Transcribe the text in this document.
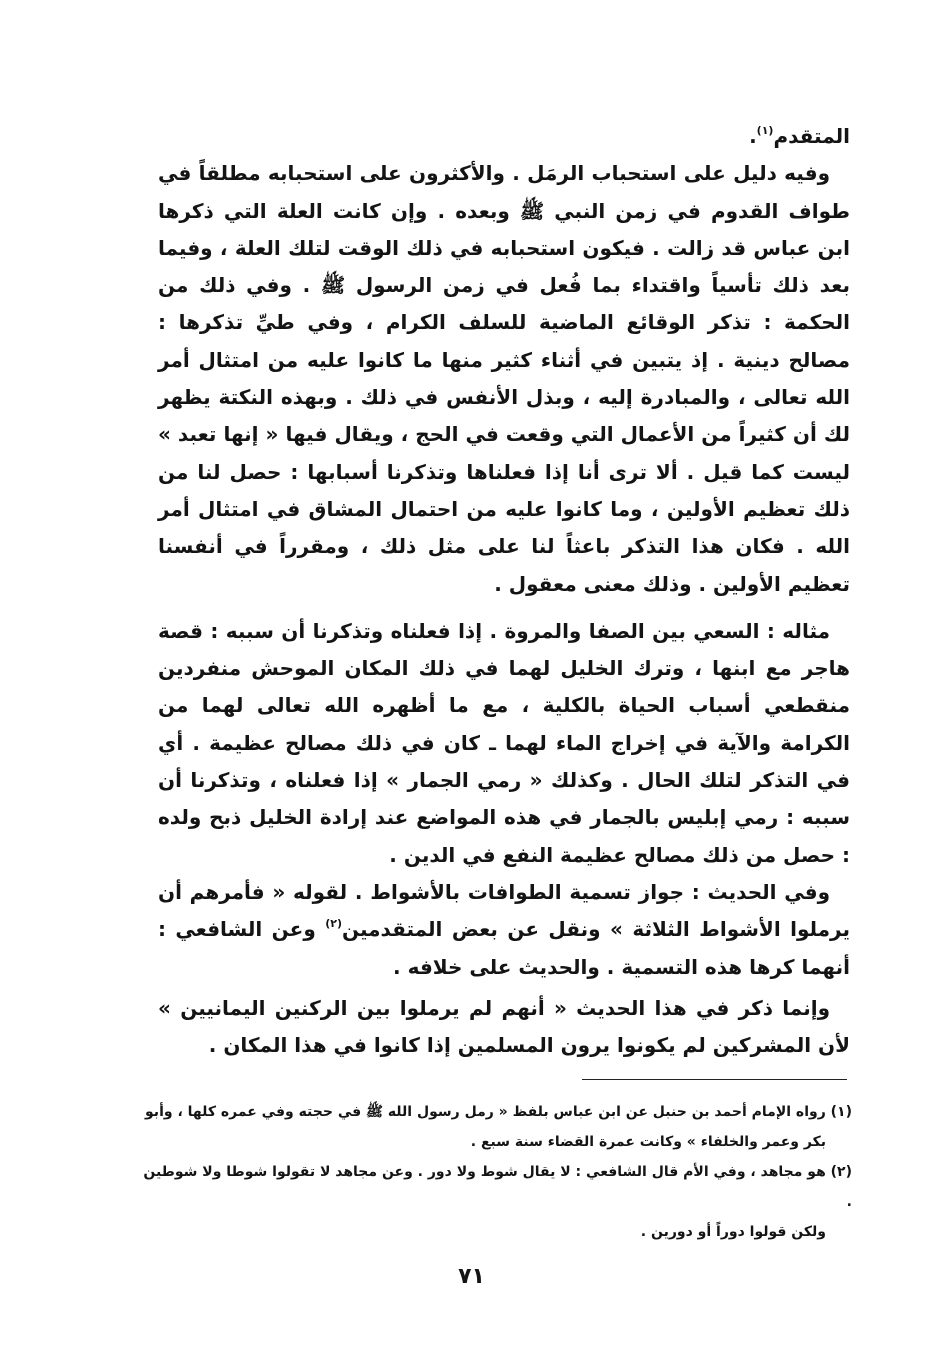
المتقدم$^{(١)}$.

وفيه دليل على استحباب الرمَل . والأكثرون على استحبابه مطلقاً في طواف القدوم في زمن النبي ﷺ وبعده . وإن كانت العلة التي ذكرها ابن عباس قد زالت . فيكون استحبابه في ذلك الوقت لتلك العلة ، وفيما بعد ذلك تأسياً واقتداء بما فُعل في زمن الرسول ﷺ . وفي ذلك من الحكمة : تذكر الوقائع الماضية للسلف الكرام ، وفي طيِّ تذكرها : مصالح دينية . إذ يتبين في أثناء كثير منها ما كانوا عليه من امتثال أمر الله تعالى ، والمبادرة إليه ، وبذل الأنفس في ذلك . وبهذه النكتة يظهر لك أن كثيراً من الأعمال التي وقعت في الحج ، ويقال فيها « إنها تعبد » ليست كما قيل . ألا ترى أنا إذا فعلناها وتذكرنا أسبابها : حصل لنا من ذلك تعظيم الأولين ، وما كانوا عليه من احتمال المشاق في امتثال أمر الله . فكان هذا التذكر باعثاً لنا على مثل ذلك ، ومقرراً في أنفسنا تعظيم الأولين . وذلك معنى معقول .

مثاله : السعي بين الصفا والمروة . إذا فعلناه وتذكرنا أن سببه : قصة هاجر مع ابنها ، وترك الخليل لهما في ذلك المكان الموحش منفردين منقطعي أسباب الحياة بالكلية ، مع ما أظهره الله تعالى لهما من الكرامة والآية في إخراج الماء لهما ـ كان في ذلك مصالح عظيمة . أي في التذكر لتلك الحال . وكذلك « رمي الجمار » إذا فعلناه ، وتذكرنا أن سببه : رمي إبليس بالجمار في هذه المواضع عند إرادة الخليل ذبح ولده : حصل من ذلك مصالح عظيمة النفع في الدين .

وفي الحديث : جواز تسمية الطوافات بالأشواط . لقوله « فأمرهم أن يرملوا الأشواط الثلاثة » ونقل عن بعض المتقدمين$^{(٢)}$ وعن الشافعي : أنهما كرها هذه التسمية . والحديث على خلافه .

وإنما ذكر في هذا الحديث « أنهم لم يرملوا بين الركنين اليمانيين » لأن المشركين لم يكونوا يرون المسلمين إذا كانوا في هذا المكان .

(١) رواه الإمام أحمد بن حنبل عن ابن عباس بلفظ « رمل رسول الله ﷺ في حجته وفي عمره كلها ، وأبو

بكر وعمر والخلفاء » وكانت عمرة القضاء سنة سبع .

(٢) هو مجاهد ، وفي الأم قال الشافعي : لا يقال شوط ولا دور . وعن مجاهد لا تقولوا شوطا ولا شوطين .

ولكن قولوا دوراً أو دورين .

٧١
